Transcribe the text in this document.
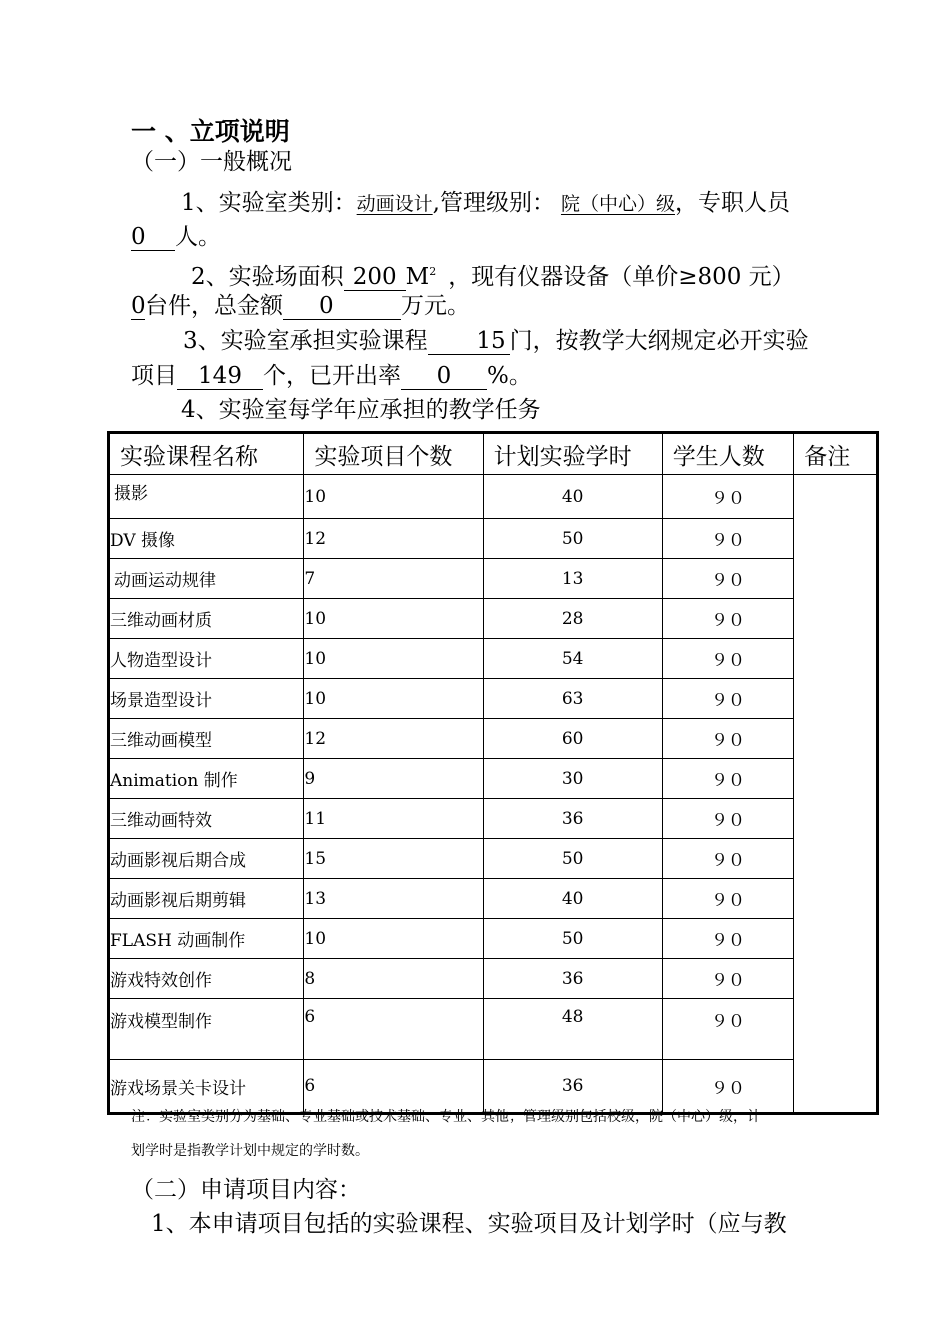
一 、立项说明
（一）一般概况
1、实验室类别：动画设计,管理级别： 院（中心）级，专职人员
0 人。
2、实验场面积 200 $M^2$ ，现有仪器设备（单价≥800 元）
0台件，总金额 0	万元。
3、实验室承担实验课程 15 门，按教学大纲规定必开实验
项目 149 个，已开出率 0 %。
4、实验室每学年应承担的教学任务
实验课程名称	实验项目个数	计划实验学时	学生人数	备注
摄影	10	40	９０	
DV 摄像	12	50	９０	
动画运动规律	7	13	９０	
三维动画材质	10	28	９０	
人物造型设计	10	54	９０	
场景造型设计	10	63	９０	
三维动画模型	12	60	９０	
Animation 制作	9	30	９０	
三维动画特效	11	36	９０	
动画影视后期合成	15	50	９０	
动画影视后期剪辑	13	40	９０	
FLASH 动画制作	10	50	９０	
游戏特效创作	8	36	９０	
游戏模型制作	6	48	９０	
游戏场景关卡设计	6	36	９０	
注：实验室类别分为基础、专业基础或技术基础、专业、其他；管理级别包括校级，院（中心）级，计
划学时是指教学计划中规定的学时数。
（二）申请项目内容：
1、本申请项目包括的实验课程、实验项目及计划学时（应与教
